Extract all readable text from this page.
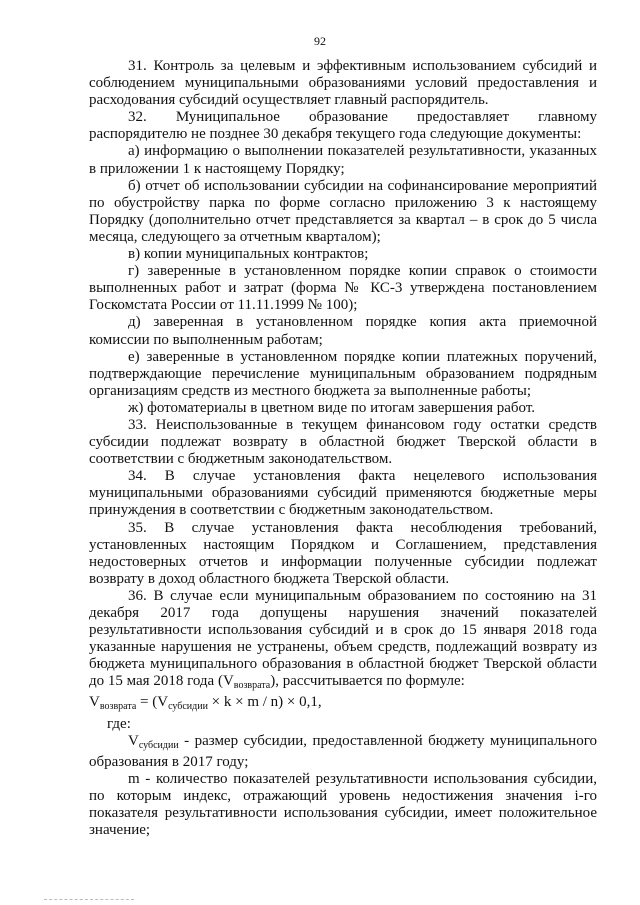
92

31. Контроль за целевым и эффективным использованием субсидий и соблюдением муниципальными образованиями условий предоставления и расходования субсидий осуществляет главный распорядитель.

32. Муниципальное образование предоставляет главному распорядителю не позднее 30 декабря текущего года следующие документы:

а) информацию о выполнении показателей результативности, указанных в приложении 1 к настоящему Порядку;

б) отчет об использовании субсидии на софинансирование мероприятий по обустройству парка по форме согласно приложению 3 к настоящему Порядку (дополнительно отчет представляется за квартал – в срок до 5 числа месяца, следующего за отчетным кварталом);

в) копии муниципальных контрактов;

г) заверенные в установленном порядке копии справок о стоимости выполненных работ и затрат (форма № КС-3 утверждена постановлением Госкомстата России от 11.11.1999 № 100);

д) заверенная в установленном порядке копия акта приемочной комиссии по выполненным работам;

е) заверенные в установленном порядке копии платежных поручений, подтверждающие перечисление муниципальным образованием подрядным организациям средств из местного бюджета за выполненные работы;

ж) фотоматериалы в цветном виде по итогам завершения работ.

33. Неиспользованные в текущем финансовом году остатки средств субсидии подлежат возврату в областной бюджет Тверской области в соответствии с бюджетным законодательством.

34. В случае установления факта нецелевого использования муниципальными образованиями субсидий применяются бюджетные меры принуждения в соответствии с бюджетным законодательством.

35. В случае установления факта несоблюдения требований, установленных настоящим Порядком и Соглашением, представления недостоверных отчетов и информации полученные субсидии подлежат возврату в доход областного бюджета Тверской области.

36. В случае если муниципальным образованием по состоянию на 31 декабря 2017 года допущены нарушения значений показателей результативности использования субсидий и в срок до 15 января 2018 года указанные нарушения не устранены, объем средств, подлежащий возврату из бюджета муниципального образования в областной бюджет Тверской области до 15 мая 2018 года $(V_{возврата})$, рассчитывается по формуле:

$V_{возврата} = (V_{субсидии} \times k \times m / n) \times 0,1$,

где:

$V_{субсидии}$ - размер субсидии, предоставленной бюджету муниципального образования в 2017 году;

m - количество показателей результативности использования субсидии, по которым индекс, отражающий уровень недостижения значения i-го показателя результативности использования субсидии, имеет положительное значение;
